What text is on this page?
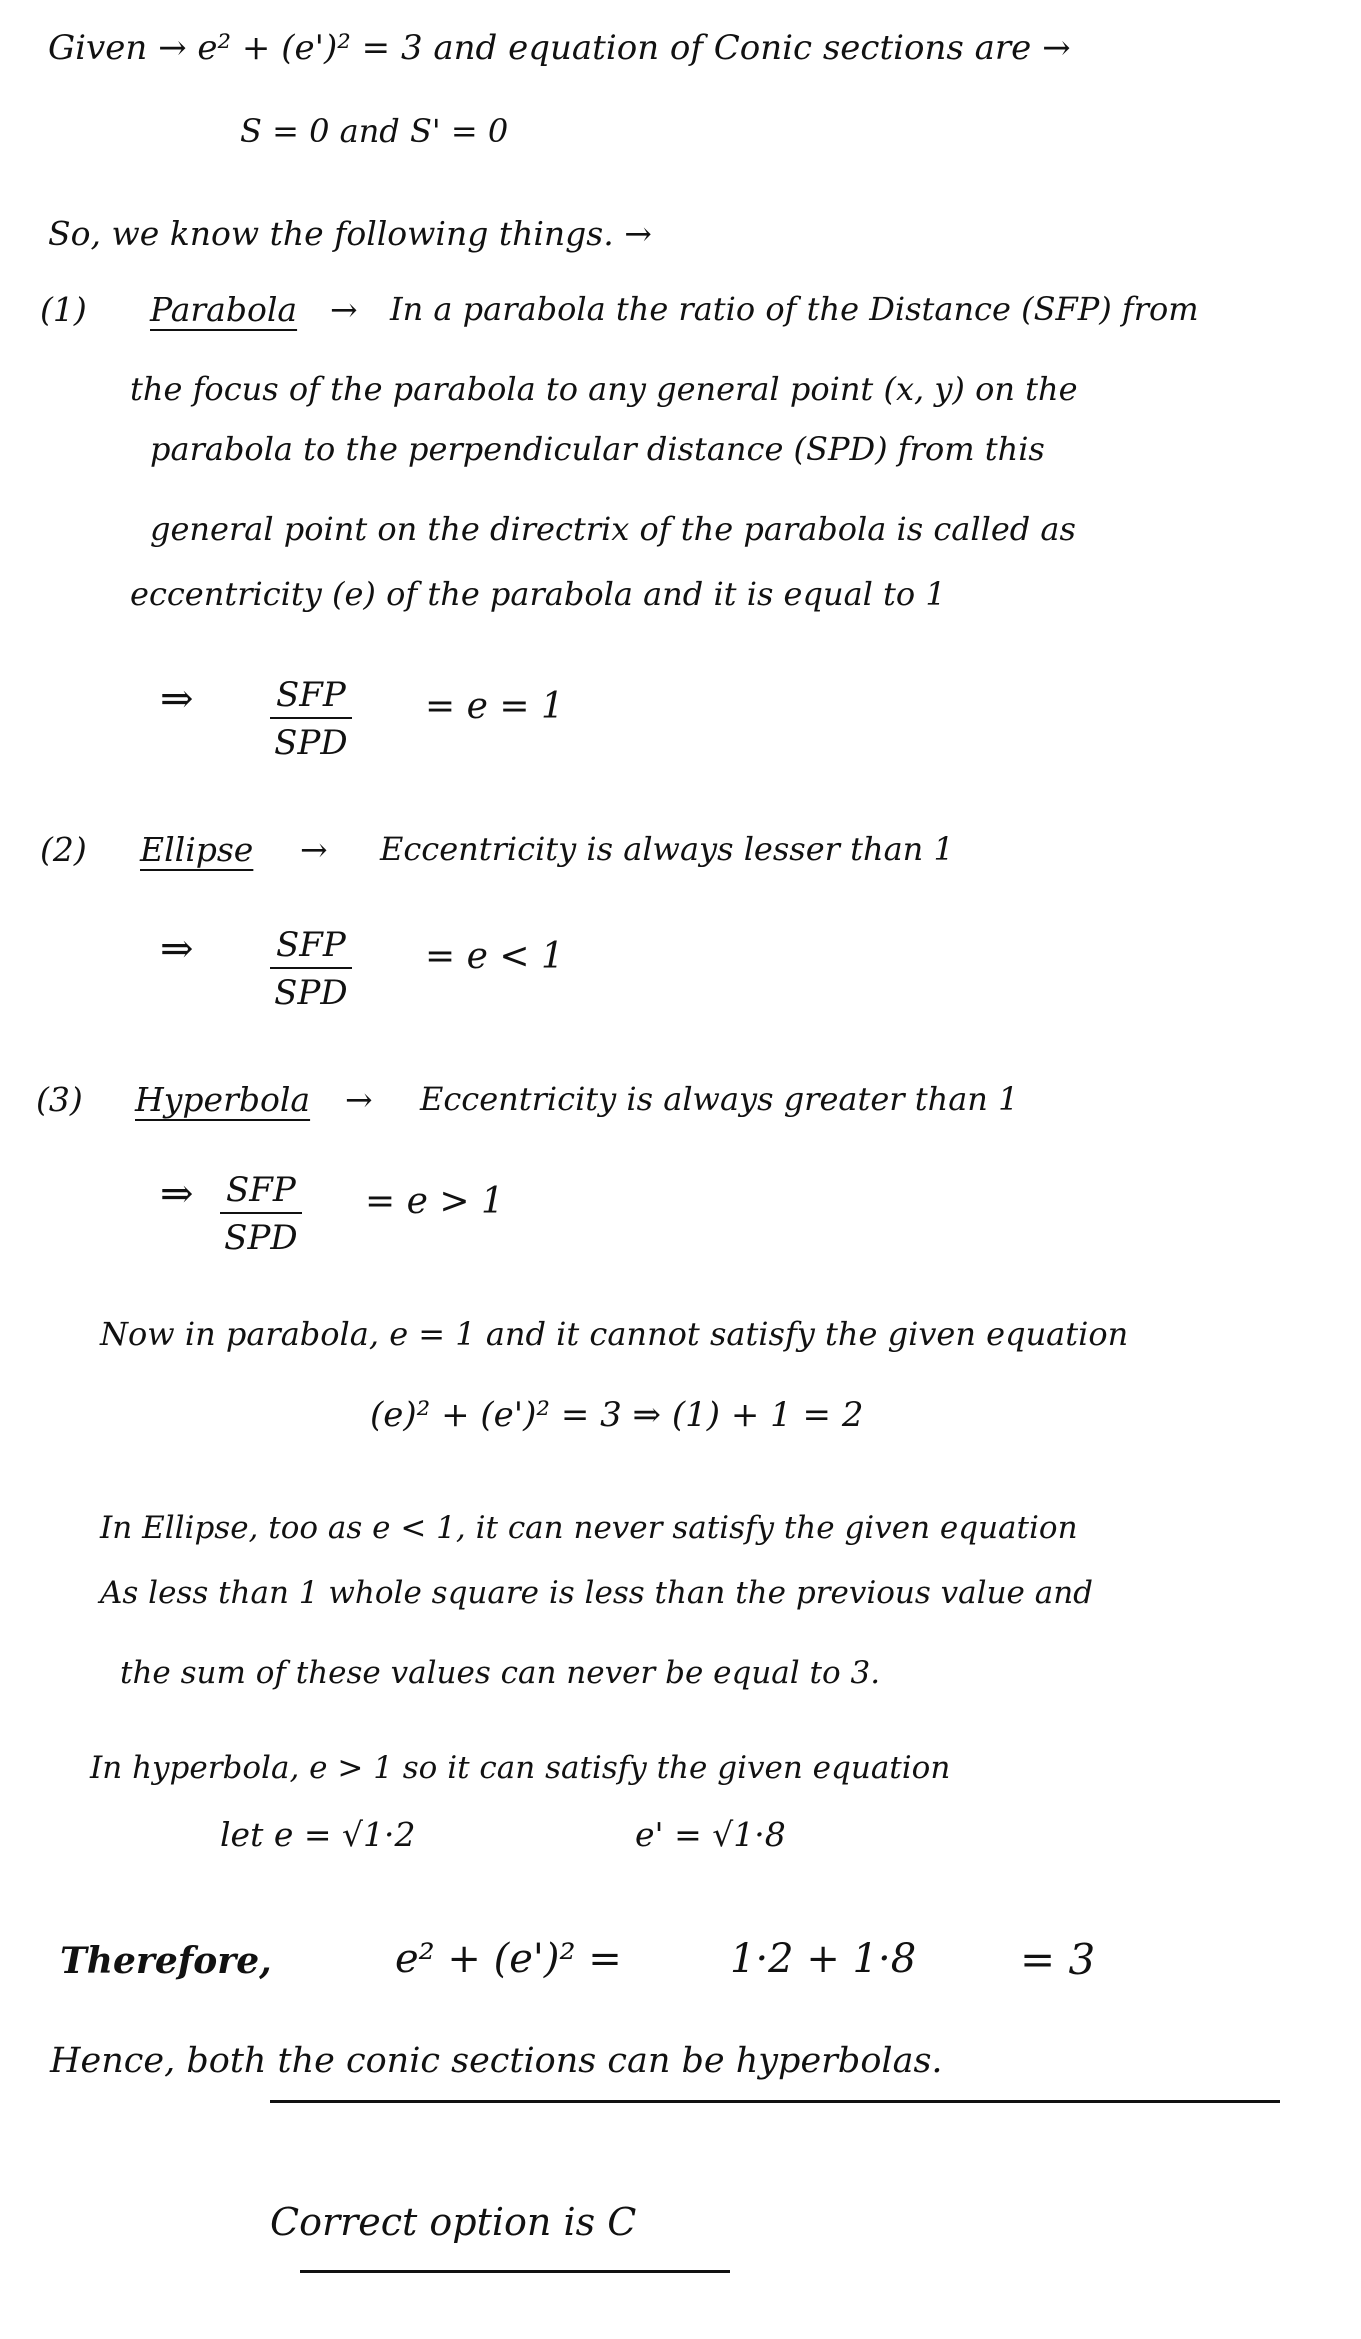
Given → e² + (e')² = 3 and equation of Conic sections are →
S = 0 and S' = 0
So, we know the following things. →
(1) Parabola → In a parabola the ratio of the Distance (SFP) from
the focus of the parabola to any general point (x, y) on the
parabola to the perpendicular distance (SPD) from this
general point on the directrix of the parabola is called as
eccentricity (e) of the parabola and it is equal to 1
⇒ SFP
SPD
= e = 1
(2) Ellipse → Eccentricity is always lesser than 1
⇒ SFP
SPD
= e < 1
(3) Hyperbola → Eccentricity is always greater than 1
⇒ SFP
SPD
= e > 1
Now in parabola, e = 1 and it cannot satisfy the given equation
(e)² + (e')² = 3 ⇒ (1) + 1 = 2
In Ellipse, too as e < 1, it can never satisfy the given equation
As less than 1 whole square is less than the previous value and
the sum of these values can never be equal to 3.
In hyperbola, e > 1 so it can satisfy the given equation
let e = √1·2	e' = √1·8
Therefore,	e² + (e')² =	1·2 + 1·8 = 3
Hence, both the conic sections can be hyperbolas.
Correct option is C
